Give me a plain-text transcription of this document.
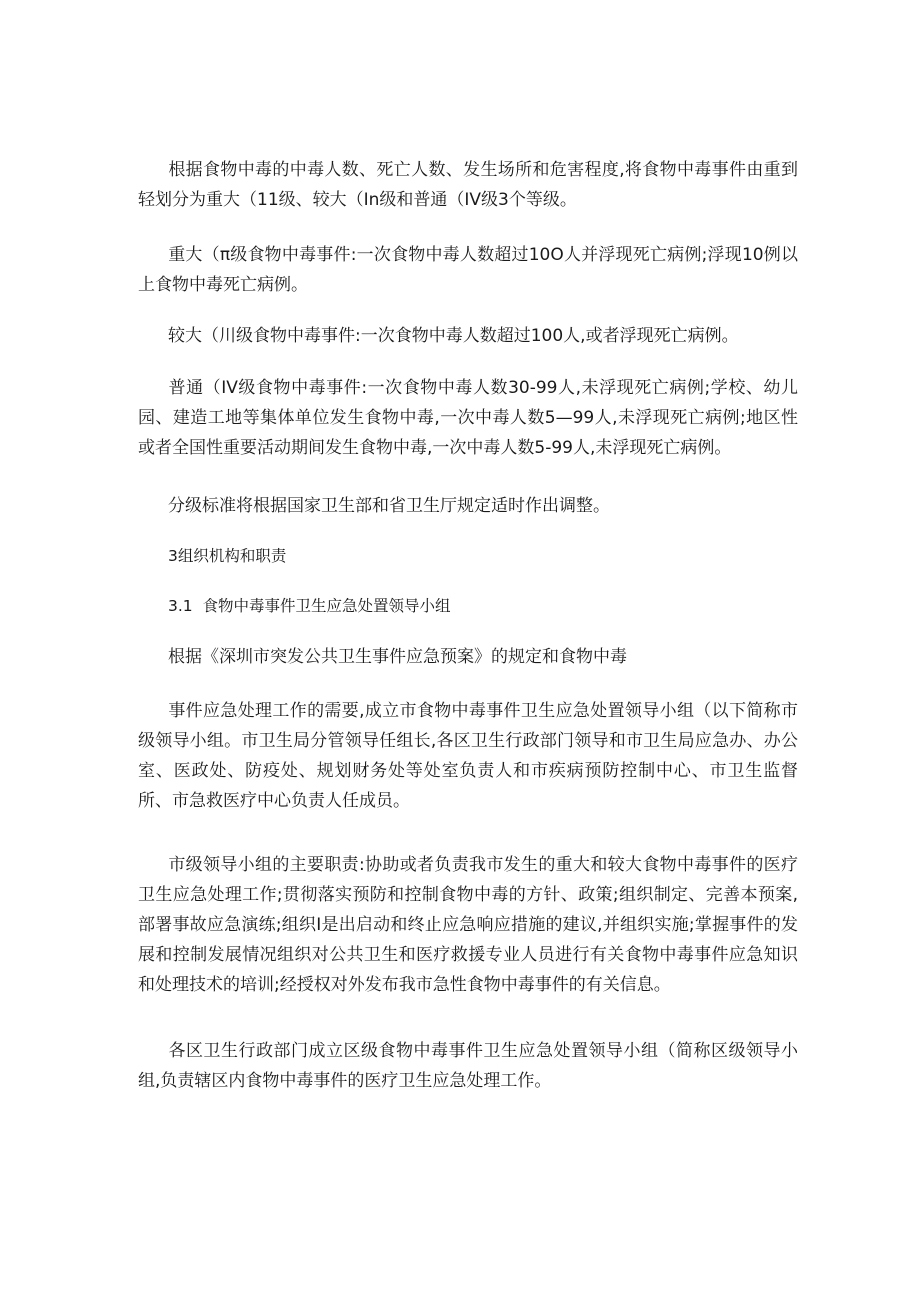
根据食物中毒的中毒人数、死亡人数、发生场所和危害程度,将食物中毒事件由重到轻划分为重大（11级、较大（In级和普通（IV级3个等级。

重大（π级食物中毒事件:一次食物中毒人数超过10O人并浮现死亡病例;浮现10例以上食物中毒死亡病例。

较大（川级食物中毒事件:一次食物中毒人数超过100人,或者浮现死亡病例。

普通（IV级食物中毒事件:一次食物中毒人数30-99人,未浮现死亡病例;学校、幼儿园、建造工地等集体单位发生食物中毒,一次中毒人数5—99人,未浮现死亡病例;地区性或者全国性重要活动期间发生食物中毒,一次中毒人数5-99人,未浮现死亡病例。

分级标准将根据国家卫生部和省卫生厅规定适时作出调整。

3组织机构和职责

3.1  食物中毒事件卫生应急处置领导小组

根据《深圳市突发公共卫生事件应急预案》的规定和食物中毒

事件应急处理工作的需要,成立市食物中毒事件卫生应急处置领导小组（以下简称市级领导小组。市卫生局分管领导任组长,各区卫生行政部门领导和市卫生局应急办、办公室、医政处、防疫处、规划财务处等处室负责人和市疾病预防控制中心、市卫生监督所、市急救医疗中心负责人任成员。

市级领导小组的主要职责:协助或者负责我市发生的重大和较大食物中毒事件的医疗卫生应急处理工作;贯彻落实预防和控制食物中毒的方针、政策;组织制定、完善本预案,部署事故应急演练;组织I是出启动和终止应急响应措施的建议,并组织实施;掌握事件的发展和控制发展情况组织对公共卫生和医疗救援专业人员进行有关食物中毒事件应急知识和处理技术的培训;经授权对外发布我市急性食物中毒事件的有关信息。

各区卫生行政部门成立区级食物中毒事件卫生应急处置领导小组（简称区级领导小组,负责辖区内食物中毒事件的医疗卫生应急处理工作。
